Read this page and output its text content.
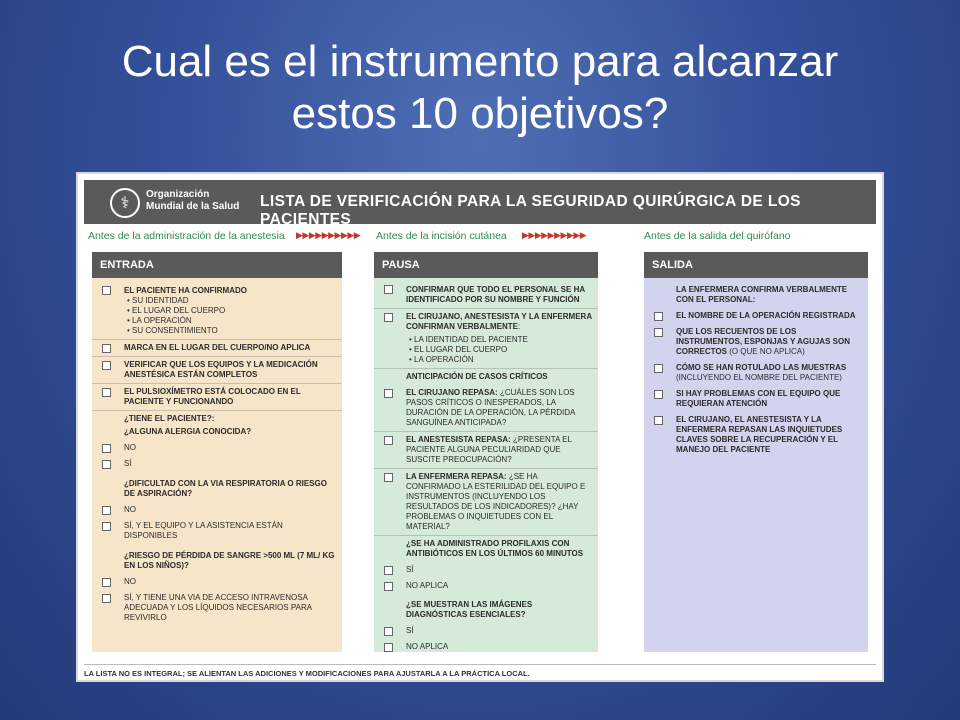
Cual es el instrumento para alcanzar
estos 10 objetivos?
⚕
Organización
Mundial de la Salud	LISTA DE VERIFICACIÓN PARA LA SEGURIDAD QUIRÚRGICA DE LOS PACIENTES
Antes de la administración de la anestesia ▶▶▶▶▶▶▶▶▶▶ Antes de la incisión cutánea ▶▶▶▶▶▶▶▶▶▶	Antes de la salida del quirófano
ENTRADA
EL PACIENTE HA CONFIRMADO
• SU IDENTIDAD
• EL LUGAR DEL CUERPO
• LA OPERACIÓN
• SU CONSENTIMIENTO
MARCA EN EL LUGAR DEL CUERPO/NO APLICA
VERIFICAR QUE LOS EQUIPOS Y LA MEDICACIÓN ANESTÉSICA ESTÁN COMPLETOS
EL PULSIOXÍMETRO ESTÁ COLOCADO EN EL PACIENTE Y FUNCIONANDO
¿TIENE EL PACIENTE?:
¿ALGUNA ALERGIA CONOCIDA?
NO
SÍ
¿DIFICULTAD CON LA VIA RESPIRATORIA O RIESGO DE ASPIRACIÓN?
NO
SÍ, Y EL EQUIPO Y LA ASISTENCIA ESTÁN DISPONIBLES
¿RIESGO DE PÉRDIDA DE SANGRE >500 ML (7 ML/ KG EN LOS NIÑOS)?
NO
SÍ, Y TIENE UNA VIA DE ACCESO INTRAVENOSA ADECUADA Y LOS LÍQUIDOS NECESARIOS PARA REVIVIRLO
PAUSA
CONFIRMAR QUE TODO EL PERSONAL SE HA IDENTIFICADO POR SU NOMBRE Y FUNCIÓN
EL CIRUJANO, ANESTESISTA Y LA ENFERMERA CONFIRMAN VERBALMENTE:
• LA IDENTIDAD DEL PACIENTE
• EL LUGAR DEL CUERPO
• LA OPERACIÓN
ANTICIPACIÓN DE CASOS CRÍTICOS
EL CIRUJANO REPASA: ¿CUÁLES SON LOS PASOS CRÍTICOS O INESPERADOS, LA DURACIÓN DE LA OPERACIÓN, LA PÉRDIDA SANGUÍNEA ANTICIPADA?
EL ANESTESISTA REPASA: ¿PRESENTA EL PACIENTE ALGUNA PECULIARIDAD QUE SUSCITE PREOCUPACIÓN?
LA ENFERMERA REPASA: ¿SE HA CONFIRMADO LA ESTERILIDAD DEL EQUIPO E INSTRUMENTOS (INCLUYENDO LOS RESULTADOS DE LOS INDICADORES)? ¿HAY PROBLEMAS O INQUIETUDES CON EL MATERIAL?
¿SE HA ADMINISTRADO PROFILAXIS CON ANTIBIÓTICOS EN LOS ÚLTIMOS 60 MINUTOS
SÍ
NO APLICA
¿SE MUESTRAN LAS IMÁGENES DIAGNÓSTICAS ESENCIALES?
SÍ
NO APLICA
SALIDA
LA ENFERMERA CONFIRMA VERBALMENTE CON EL PERSONAL:
EL NOMBRE DE LA OPERACIÓN REGISTRADA
QUE LOS RECUENTOS DE LOS INSTRUMENTOS, ESPONJAS Y AGUJAS SON CORRECTOS (O QUE NO APLICA)
CÓMO SE HAN ROTULADO LAS MUESTRAS (INCLUYENDO EL NOMBRE DEL PACIENTE)
SI HAY PROBLEMAS CON EL EQUIPO QUE REQUIERAN ATENCIÓN
EL CIRUJANO, EL ANESTESISTA Y LA ENFERMERA REPASAN LAS INQUIETUDES CLAVES SOBRE LA RECUPERACIÓN Y EL MANEJO DEL PACIENTE
LA LISTA NO ES INTEGRAL; SE ALIENTAN LAS ADICIONES Y MODIFICACIONES PARA AJUSTARLA A LA PRÁCTICA LOCAL.
